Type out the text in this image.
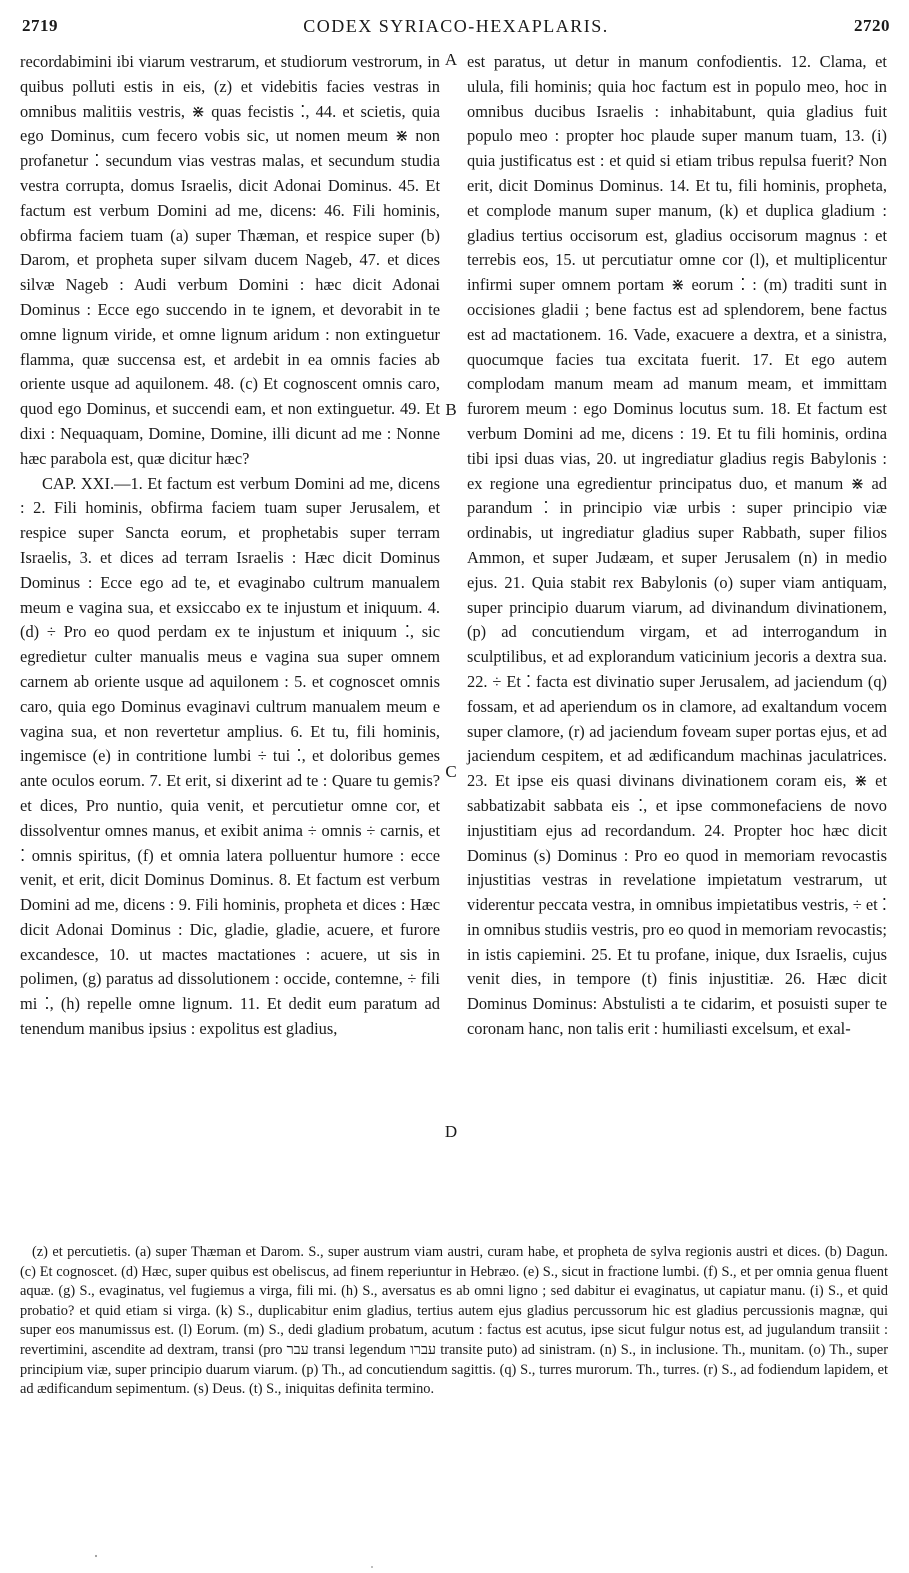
2719	CODEX SYRIACO-HEXAPLARIS.	2720

recordabimini ibi viarum vestrarum, et studiorum vestrorum, in quibus polluti estis in eis, (z) et videbitis facies vestras in omnibus malitiis vestris, ⋇ quas fecistis ⁚, 44. et scietis, quia ego Dominus, cum fecero vobis sic, ut nomen meum ⋇ non profanetur ⁚ secundum vias vestras malas, et secundum studia vestra corrupta, domus Israelis, dicit Adonai Dominus. 45. Et factum est verbum Domini ad me, dicens: 46. Fili hominis, obfirma faciem tuam (a) super Thæman, et respice super (b) Darom, et propheta super silvam ducem Nageb, 47. et dices silvæ Nageb : Audi verbum Domini : hæc dicit Adonai Dominus : Ecce ego succendo in te ignem, et devorabit in te omne lignum viride, et omne lignum aridum : non extinguetur flamma, quæ succensa est, et ardebit in ea omnis facies ab oriente usque ad aquilonem. 48. (c) Et cognoscent omnis caro, quod ego Dominus, et succendi eam, et non extinguetur. 49. Et dixi : Nequaquam, Domine, Domine, illi dicunt ad me : Nonne hæc parabola est, quæ dicitur hæc?

CAP. XXI.—1. Et factum est verbum Domini ad me, dicens : 2. Fili hominis, obfirma faciem tuam super Jerusalem, et respice super Sancta eorum, et prophetabis super terram Israelis, 3. et dices ad terram Israelis : Hæc dicit Dominus Dominus : Ecce ego ad te, et evaginabo cultrum manualem meum e vagina sua, et exsiccabo ex te injustum et iniquum. 4. (d) ÷ Pro eo quod perdam ex te injustum et iniquum ⁚, sic egredietur culter manualis meus e vagina sua super omnem carnem ab oriente usque ad aquilonem : 5. et cognoscet omnis caro, quia ego Dominus evaginavi cultrum manualem meum e vagina sua, et non revertetur amplius. 6. Et tu, fili hominis, ingemisce (e) in contritione lumbi ÷ tui ⁚, et doloribus gemes ante oculos eorum. 7. Et erit, si dixerint ad te : Quare tu gemis? et dices, Pro nuntio, quia venit, et percutietur omne cor, et dissolventur omnes manus, et exibit anima ÷ omnis ÷ carnis, et ⁚ omnis spiritus, (f) et omnia latera polluentur humore : ecce venit, et erit, dicit Dominus Dominus. 8. Et factum est verbum Domini ad me, dicens : 9. Fili hominis, propheta et dices : Hæc dicit Adonai Dominus : Dic, gladie, gladie, acuere, et furore excandesce, 10. ut mactes mactationes : acuere, ut sis in polimen, (g) paratus ad dissolutionem : occide, contemne, ÷ fili mi ⁚, (h) repelle omne lignum. 11. Et dedit eum paratum ad tenendum manibus ipsius : expolitus est gladius,

A
B
C
D

est paratus, ut detur in manum confodientis. 12. Clama, et ulula, fili hominis; quia hoc factum est in populo meo, hoc in omnibus ducibus Israelis : inhabitabunt, quia gladius fuit populo meo : propter hoc plaude super manum tuam, 13. (i) quia justificatus est : et quid si etiam tribus repulsa fuerit? Non erit, dicit Dominus Dominus. 14. Et tu, fili hominis, propheta, et complode manum super manum, (k) et duplica gladium : gladius tertius occisorum est, gladius occisorum magnus : et terrebis eos, 15. ut percutiatur omne cor (l), et multiplicentur infirmi super omnem portam ⋇ eorum ⁚ : (m) traditi sunt in occisiones gladii ; bene factus est ad splendorem, bene factus est ad mactationem. 16. Vade, exacuere a dextra, et a sinistra, quocumque facies tua excitata fuerit. 17. Et ego autem complodam manum meam ad manum meam, et immittam furorem meum : ego Dominus locutus sum. 18. Et factum est verbum Domini ad me, dicens : 19. Et tu fili hominis, ordina tibi ipsi duas vias, 20. ut ingrediatur gladius regis Babylonis : ex regione una egredientur principatus duo, et manum ⋇ ad parandum ⁚ in principio viæ urbis : super principio viæ ordinabis, ut ingrediatur gladius super Rabbath, super filios Ammon, et super Judæam, et super Jerusalem (n) in medio ejus. 21. Quia stabit rex Babylonis (o) super viam antiquam, super principio duarum viarum, ad divinandum divinationem, (p) ad concutiendum virgam, et ad interrogandum in sculptilibus, et ad explorandum vaticinium jecoris a dextra sua. 22. ÷ Et ⁚ facta est divinatio super Jerusalem, ad jaciendum (q) fossam, et ad aperiendum os in clamore, ad exaltandum vocem super clamore, (r) ad jaciendum foveam super portas ejus, et ad jaciendum cespitem, et ad ædificandum machinas jaculatrices. 23. Et ipse eis quasi divinans divinationem coram eis, ⋇ et sabbatizabit sabbata eis ⁚, et ipse commonefaciens de novo injustitiam ejus ad recordandum. 24. Propter hoc hæc dicit Dominus (s) Dominus : Pro eo quod in memoriam revocastis injustitias vestras in revelatione impietatum vestrarum, ut viderentur peccata vestra, in omnibus impietatibus vestris, ÷ et ⁚ in omnibus studiis vestris, pro eo quod in memoriam revocastis; in istis capiemini. 25. Et tu profane, inique, dux Israelis, cujus venit dies, in tempore (t) finis injustitiæ. 26. Hæc dicit Dominus Dominus: Abstulisti a te cidarim, et posuisti super te coronam hanc, non talis erit : humiliasti excelsum, et exal-

(z) et percutietis. (a) super Thæman et Darom. S., super austrum viam austri, curam habe, et propheta de sylva regionis austri et dices. (b) Dagun. (c) Et cognoscet. (d) Hæc, super quibus est obeliscus, ad finem reperiuntur in Hebræo. (e) S., sicut in fractione lumbi. (f) S., et per omnia genua fluent aquæ. (g) S., evaginatus, vel fugiemus a virga, fili mi. (h) S., aversatus es ab omni ligno ; sed dabitur ei evaginatus, ut capiatur manu. (i) S., et quid probatio? et quid etiam si virga. (k) S., duplicabitur enim gladius, tertius autem ejus gladius percussorum hic est gladius percussionis magnæ, qui super eos manumissus est. (l) Eorum. (m) S., dedi gladium probatum, acutum : factus est acutus, ipse sicut fulgur notus est, ad jugulandum transiit : revertimini, ascendite ad dextram, transi (pro עבר transi legendum עברו transite puto) ad sinistram. (n) S., in inclusione. Th., munitam. (o) Th., super principium viæ, super principio duarum viarum. (p) Th., ad concutiendum sagittis. (q) S., turres murorum. Th., turres. (r) S., ad fodiendum lapidem, et ad ædificandum sepimentum. (s) Deus. (t) S., iniquitas definita termino.
